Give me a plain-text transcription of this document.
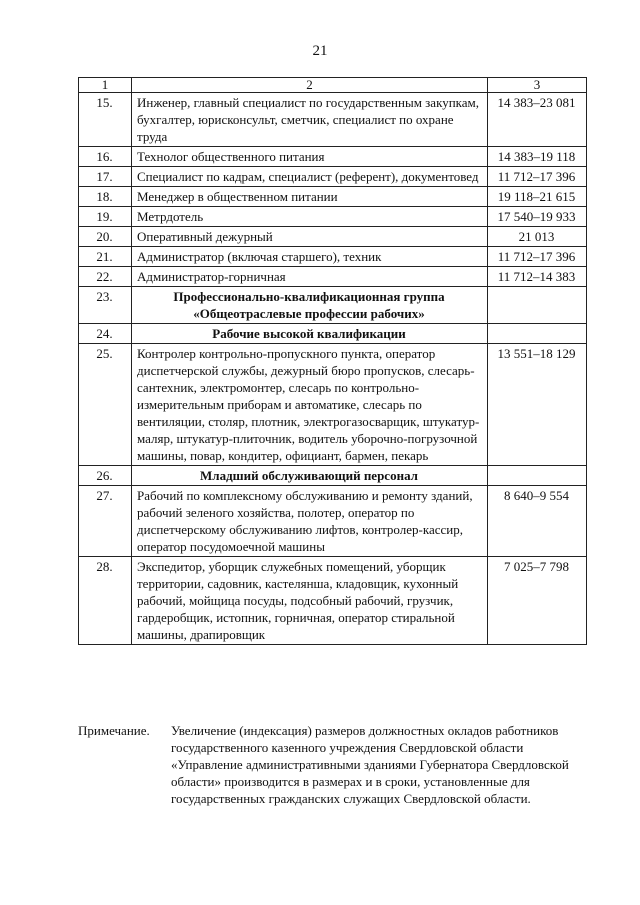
21
1	2	3
15.	Инженер, главный специалист по государственным закупкам, бухгалтер, юрисконсульт, сметчик, специалист по охране труда	14 383–23 081
16.	Технолог общественного питания	14 383–19 118
17.	Специалист по кадрам, специалист (референт), документовед	11 712–17 396
18.	Менеджер в общественном питании	19 118–21 615
19.	Метрдотель	17 540–19 933
20.	Оперативный дежурный	21 013
21.	Администратор (включая старшего), техник	11 712–17 396
22.	Администратор-горничная	11 712–14 383
23.	Профессионально-квалификационная группа «Общеотраслевые профессии рабочих»	
24.	Рабочие высокой квалификации	
25.	Контролер контрольно-пропускного пункта, оператор диспетчерской службы, дежурный бюро пропусков, слесарь-сантехник, электромонтер, слесарь по контрольно-измерительным приборам и автоматике, слесарь по вентиляции, столяр, плотник, электрогазосварщик, штукатур-маляр, штукатур-плиточник, водитель уборочно-погрузочной машины, повар, кондитер, официант, бармен, пекарь	13 551–18 129
26.	Младший обслуживающий персонал	
27.	Рабочий по комплексному обслуживанию и ремонту зданий, рабочий зеленого хозяйства, полотер, оператор по диспетчерскому обслуживанию лифтов, контролер-кассир, оператор посудомоечной машины	8 640–9 554
28.	Экспедитор, уборщик служебных помещений, уборщик территории, садовник, кастелянша, кладовщик, кухонный рабочий, мойщица посуды, подсобный рабочий, грузчик, гардеробщик, истопник, горничная, оператор стиральной машины, драпировщик	7 025–7 798
Примечание. Увеличение (индексация) размеров должностных окладов работников государственного казенного учреждения Свердловской области «Управление административными зданиями Губернатора Свердловской области» производится в размерах и в сроки, установленные для государственных гражданских служащих Свердловской области.
